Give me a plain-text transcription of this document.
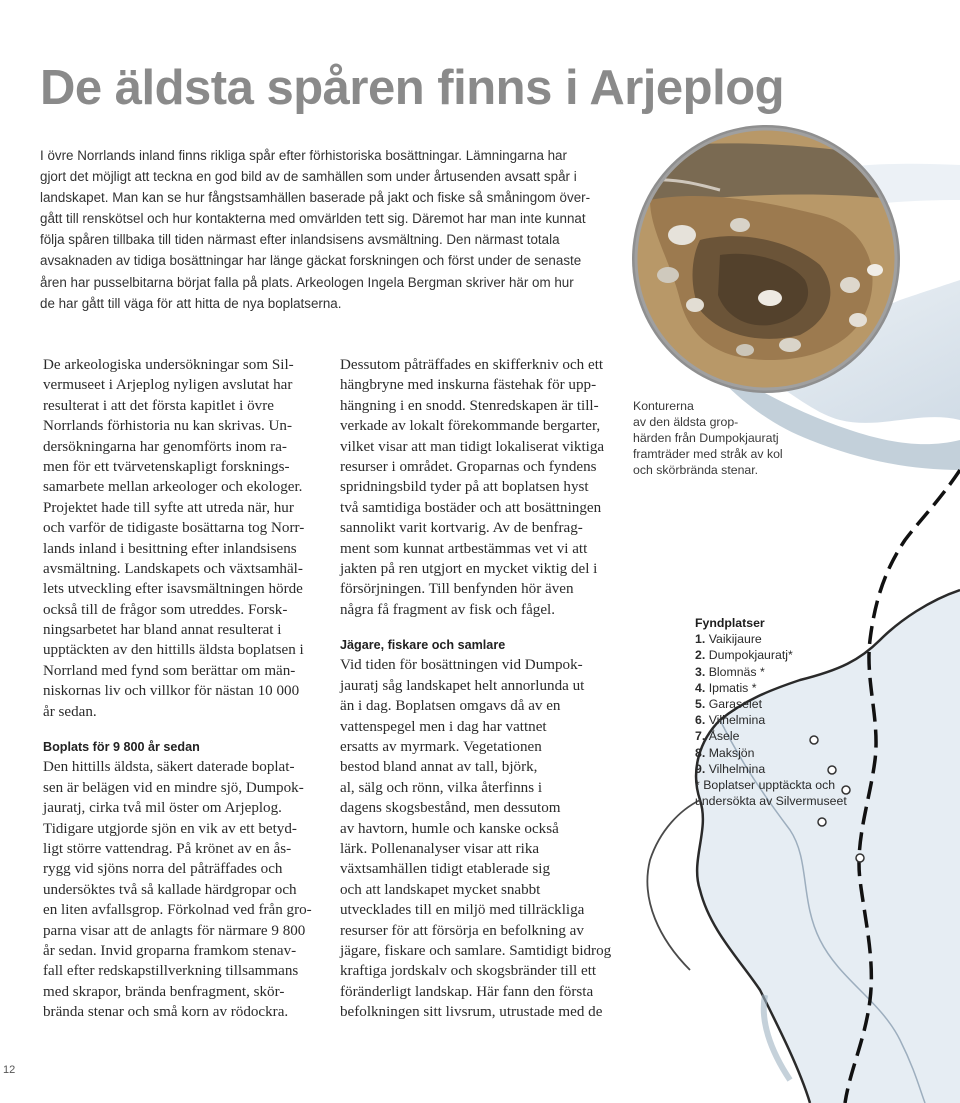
De äldsta spåren finns i Arjeplog
I övre Norrlands inland finns rikliga spår efter förhistoriska bosättningar. Lämningarna har
gjort det möjligt att teckna en god bild av de samhällen som under årtusenden avsatt spår i
landskapet. Man kan se hur fångstsamhällen baserade på jakt och fiske så småningom över-
gått till renskötsel och hur kontakterna med omvärlden tett sig. Däremot har man inte kunnat
följa spåren tillbaka till tiden närmast efter inlandsisens avsmältning. Den närmast totala
avsaknaden av tidiga bosättningar har länge gäckat forskningen och först under de senaste
åren har pusselbitarna börjat falla på plats. Arkeologen Ingela Bergman skriver här om hur
de har gått till väga för att hitta de nya boplatserna.
De arkeologiska undersökningar som Sil-
vermuseet i Arjeplog nyligen avslutat har
resulterat i att det första kapitlet i övre
Norrlands förhistoria nu kan skrivas. Un-
dersökningarna har genomförts inom ra-
men för ett tvärvetenskapligt forsknings-
samarbete mellan arkeologer och ekologer.
Projektet hade till syfte att utreda när, hur
och varför de tidigaste bosättarna tog Norr-
lands inland i besittning efter inlandsisens
avsmältning. Landskapets och växtsamhäl-
lets utveckling efter isavsmältningen hörde
också till de frågor som utreddes. Forsk-
ningsarbetet har bland annat resulterat i
upptäckten av den hittills äldsta boplatsen i
Norrland med fynd som berättar om män-
niskornas liv och villkor för nästan 10 000
år sedan.
Boplats för 9 800 år sedan
Den hittills äldsta, säkert daterade boplat-
sen är belägen vid en mindre sjö, Dumpok-
jauratj, cirka två mil öster om Arjeplog.
Tidigare utgjorde sjön en vik av ett betyd-
ligt större vattendrag. På krönet av en ås-
rygg vid sjöns norra del påträffades och
undersöktes två så kallade härdgropar och
en liten avfallsgrop. Förkolnad ved från gro-
parna visar att de anlagts för närmare 9 800
år sedan. Invid groparna framkom stenav-
fall efter redskapstillverkning tillsammans
med skrapor, brända benfragment, skör-
brända stenar och små korn av rödockra.
Dessutom påträffades en skifferkniv och ett
hängbryne med inskurna fästehak för upp-
hängning i en snodd. Stenredskapen är till-
verkade av lokalt förekommande bergarter,
vilket visar att man tidigt lokaliserat viktiga
resurser i området. Groparnas och fyndens
spridningsbild tyder på att boplatsen hyst
två samtidiga bostäder och att bosättningen
sannolikt varit kortvarig. Av de benfrag-
ment som kunnat artbestämmas vet vi att
jakten på ren utgjort en mycket viktig del i
försörjningen. Till benfynden hör även
några få fragment av fisk och fågel.
Jägare, fiskare och samlare
Vid tiden för bosättningen vid Dumpok-
jauratj såg landskapet helt annorlunda ut
än i dag. Boplatsen omgavs då av en
vattenspegel men i dag har vattnet
ersatts av myrmark. Vegetationen
bestod bland annat av tall, björk,
al, sälg och rönn, vilka återfinns i
dagens skogsbestånd, men dessutom
av havtorn, humle och kanske också
lärk. Pollenanalyser visar att rika
växtsamhällen tidigt etablerade sig
och att landskapet mycket snabbt
utvecklades till en miljö med tillräckliga
resurser för att försörja en befolkning av
jägare, fiskare och samlare. Samtidigt bidrog
kraftiga jordskalv och skogsbränder till ett
föränderligt landskap. Här fann den första
befolkningen sitt livsrum, utrustade med de
Konturerna
av den äldsta grop-
härden från Dumpokjauratj
framträder med stråk av kol
och skörbrända stenar.
Fyndplatser
1. Vaikijaure
2. Dumpokjauratj*
3. Blomnäs *
4. Ipmatis *
5. Garaselet
6. Vilhelmina
7. Åsele
8. Maksjön
9. Vilhelmina
* Boplatser upptäckta och
undersökta av Silvermuseet
12
